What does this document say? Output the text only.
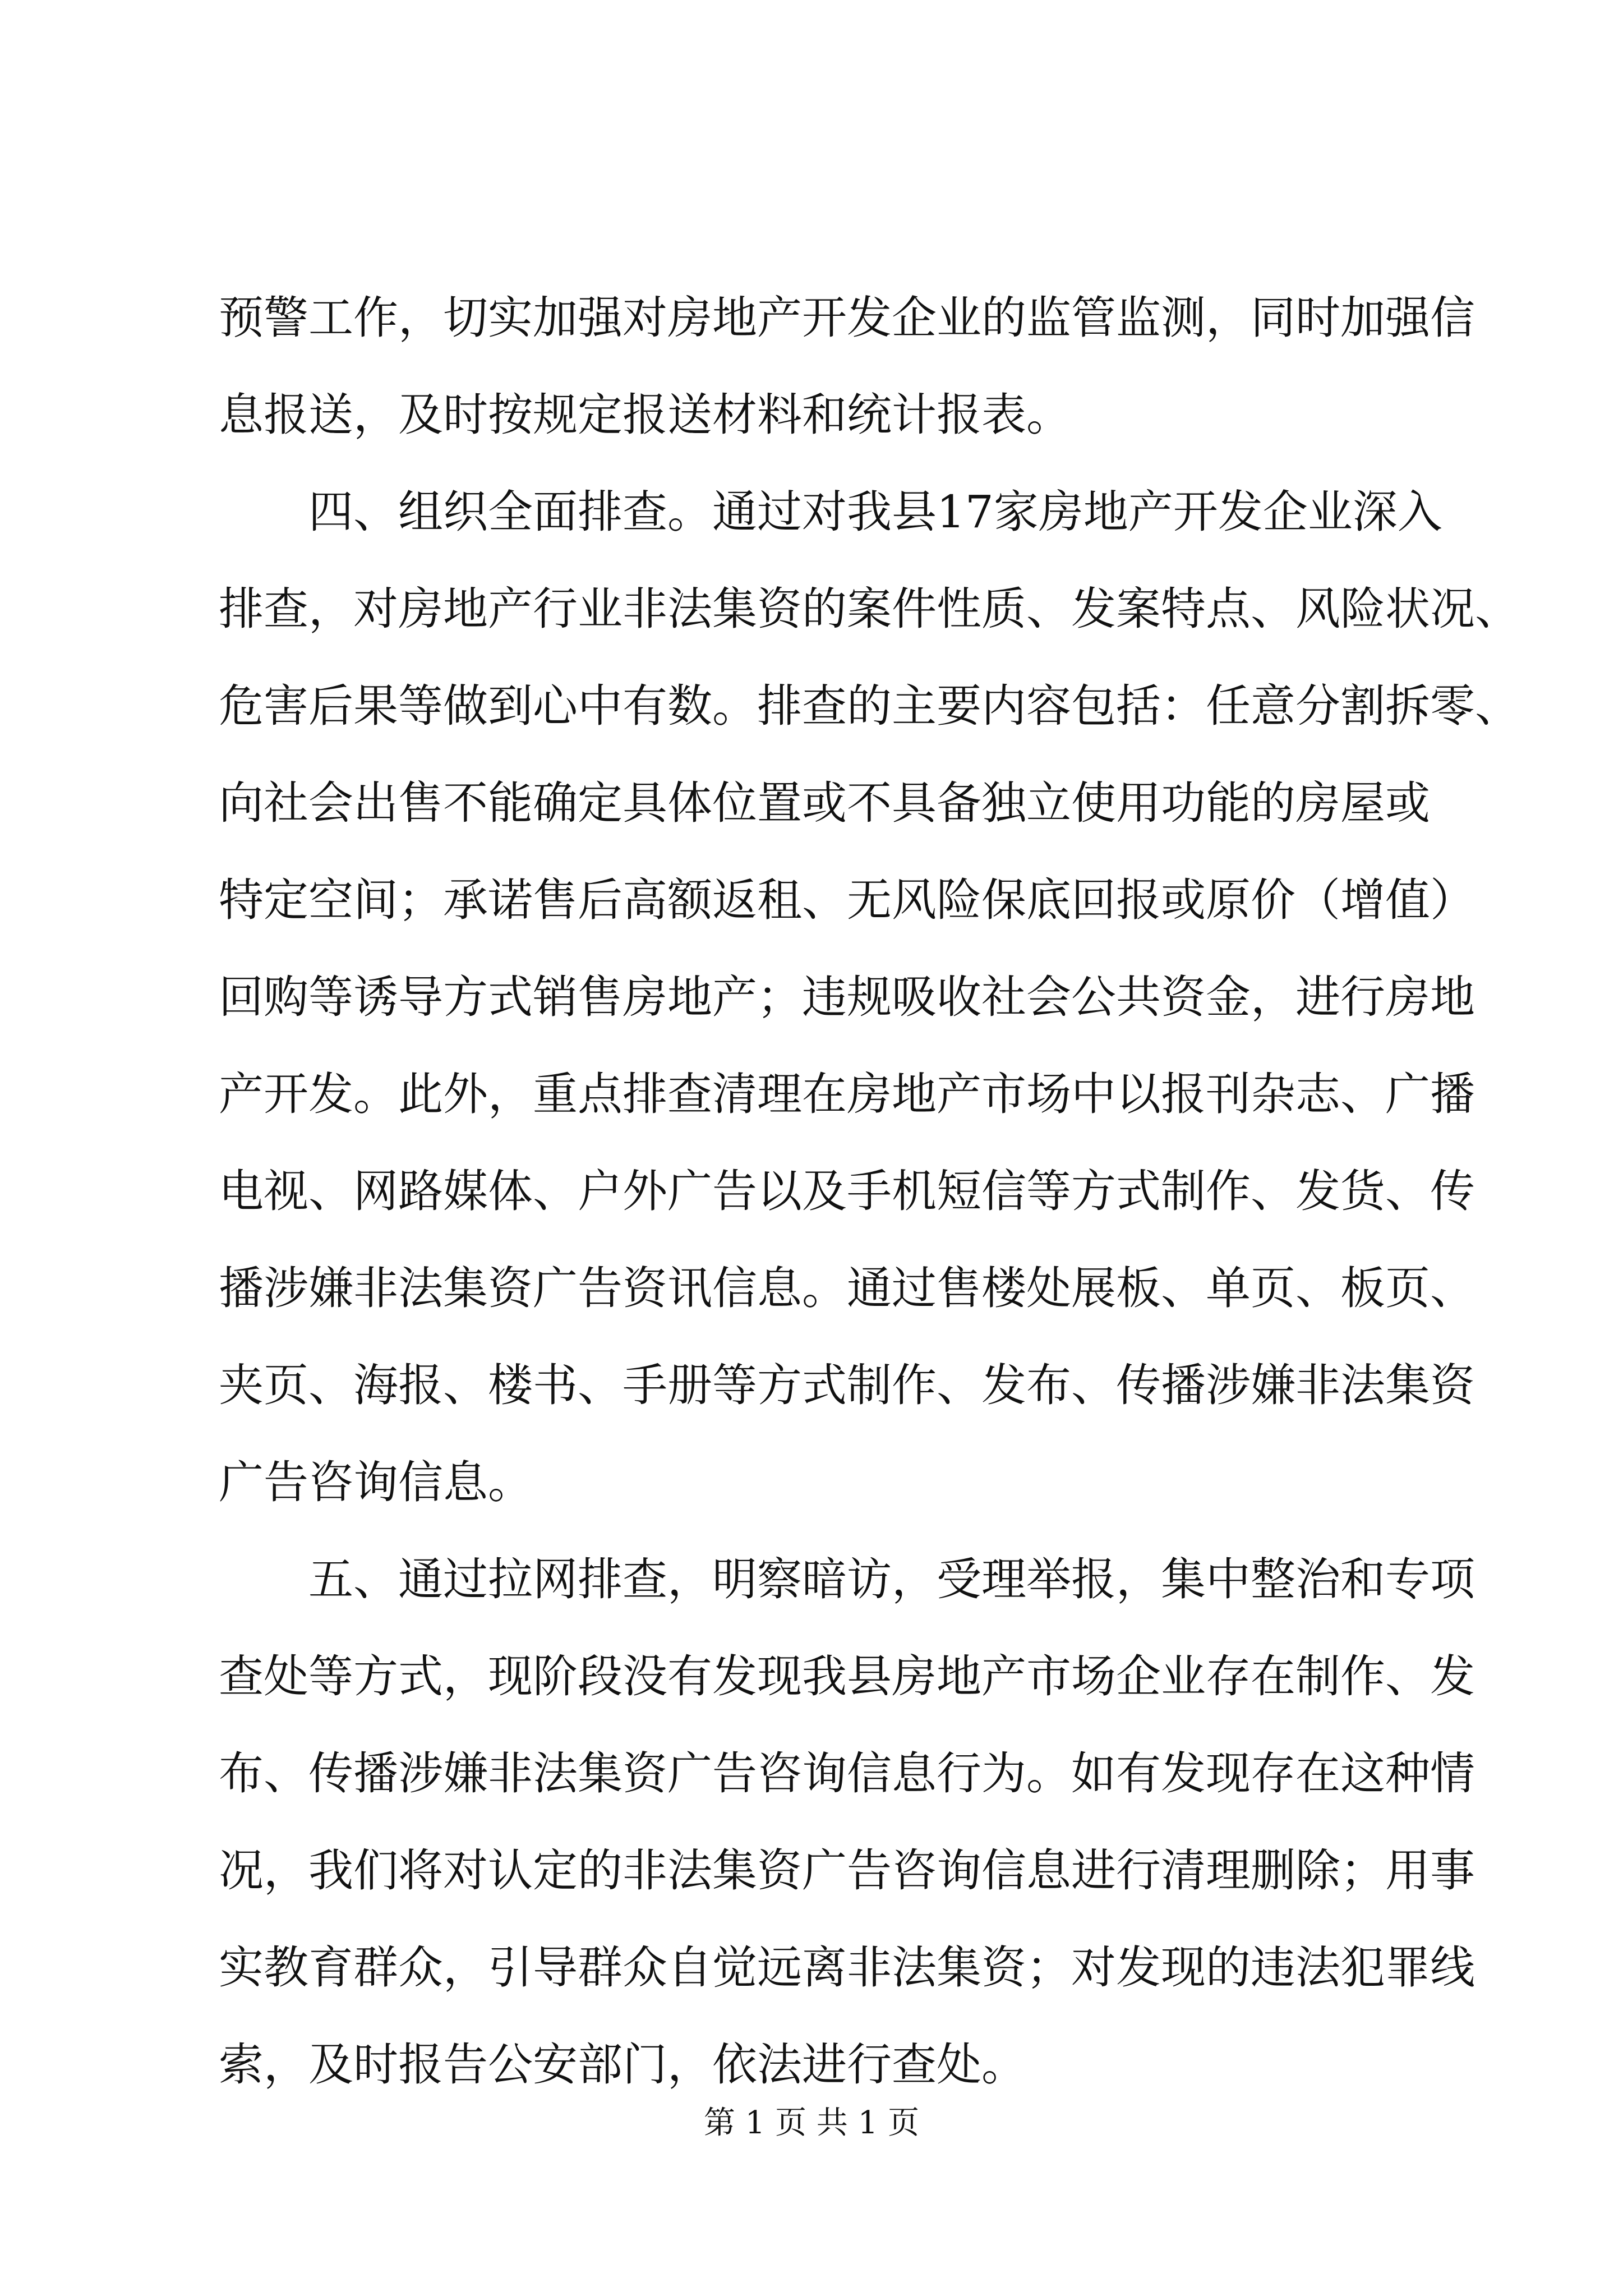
预警工作，切实加强对房地产开发企业的监管监测，同时加强信
息报送，及时按规定报送材料和统计报表。
四、组织全面排查。通过对我县17家房地产开发企业深入
排查，对房地产行业非法集资的案件性质、发案特点、风险状况、
危害后果等做到心中有数。排查的主要内容包括：任意分割拆零、
向社会出售不能确定具体位置或不具备独立使用功能的房屋或
特定空间；承诺售后高额返租、无风险保底回报或原价（增值）
回购等诱导方式销售房地产；违规吸收社会公共资金，进行房地
产开发。此外，重点排查清理在房地产市场中以报刊杂志、广播
电视、网路媒体、户外广告以及手机短信等方式制作、发货、传
播涉嫌非法集资广告资讯信息。通过售楼处展板、单页、板页、
夹页、海报、楼书、手册等方式制作、发布、传播涉嫌非法集资
广告咨询信息。
五、通过拉网排查，明察暗访，受理举报，集中整治和专项
查处等方式，现阶段没有发现我县房地产市场企业存在制作、发
布、传播涉嫌非法集资广告咨询信息行为。如有发现存在这种情
况，我们将对认定的非法集资广告咨询信息进行清理删除；用事
实教育群众，引导群众自觉远离非法集资；对发现的违法犯罪线
索，及时报告公安部门，依法进行查处。
第 1 页 共 1 页
